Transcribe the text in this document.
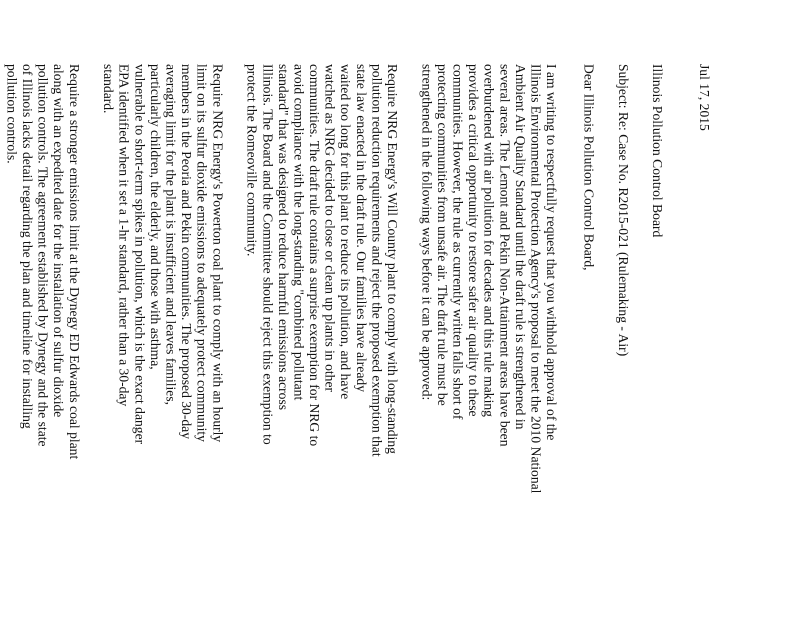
Jul 17, 2015
Illinois Pollution Control Board
Subject: Re: Case No. R2015-021 (Rulemaking - Air)
Dear Illinois Pollution Control Board,
I am writing to respectfully request that you withhold approval of the
Illinois Environmental Protection Agency's proposal to meet the 2010 National
Ambient Air Quality Standard until the draft rule is strengthened in
several areas. The Lemont and Pekin Non-Attainment areas have been
overburdened with air pollution for decades and this rule making
provides a critical opportunity to restore safer air quality to these
communities. However, the rule as currently written falls short of
protecting communities from unsafe air. The draft rule must be
strengthened in the following ways before it can be approved:
Require NRG Energy's Will County plant to comply with long-standing
pollution reduction requirements and reject the proposed exemption that
state law enacted in the draft rule. Our families have already
waited too long for this plant to reduce its pollution, and have
watched as NRG decided to close or clean up plants in other
communities. The draft rule contains a surprise exemption for NRG to
avoid compliance with the long-standing "combined pollutant
standard" that was designed to reduce harmful emissions across
Illinois. The Board and the Committee should reject this exemption to
protect the Romeoville community.
Require NRG Energy's Powerton coal plant to comply with an hourly
limit on its sulfur dioxide emissions to adequately protect community
members in the Peoria and Pekin communities. The proposed 30-day
averaging limit for the plant is insufficient and leaves families,
particularly children, the elderly, and those with asthma,
vulnerable to short-term spikes in pollution, which is the exact danger
EPA identified when it set a 1-hr standard, rather than a 30-day
standard.
Require a stronger emissions limit at the Dynegy ED Edwards coal plant
along with an expedited date for the installation of sulfur dioxide
pollution controls. The agreement established by Dynegy and the state
of Illinois lacks detail regarding the plan and timeline for installing
pollution controls.
